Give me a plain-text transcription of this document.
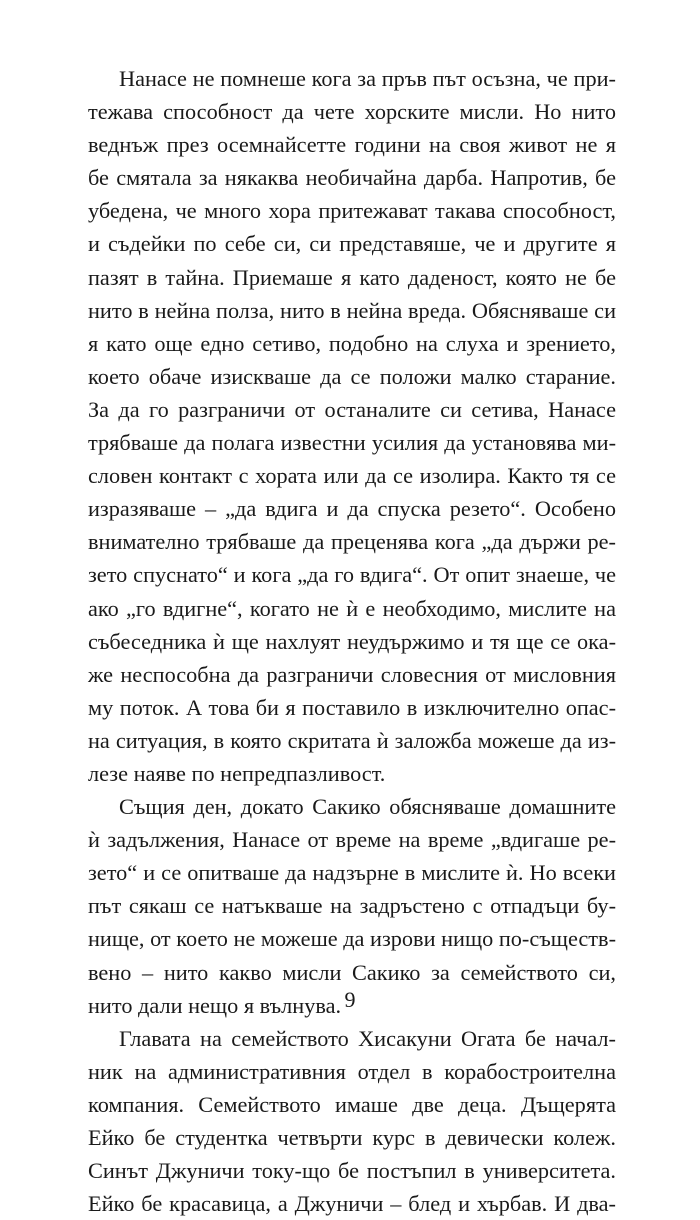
Нанасе не помнеше кога за пръв път осъзна, че при-
тежава способност да чете хорските мисли. Но нито
веднъж през осемнайсетте години на своя живот не я
бе смятала за някаква необичайна дарба. Напротив, бе
убедена, че много хора притежават такава способност,
и съдейки по себе си, си представяше, че и другите я
пазят в тайна. Приемаше я като даденост, която не бе
нито в нейна полза, нито в нейна вреда. Обясняваше си
я като още едно сетиво, подобно на слуха и зрението,
което обаче изискваше да се положи малко старание.
За да го разграничи от останалите си сетива, Нанасе
трябваше да полага известни усилия да установява ми-
словен контакт с хората или да се изолира. Както тя се
изразяваше – „да вдига и да спуска резето“. Особено
внимателно трябваше да преценява кога „да държи ре-
зето спуснато“ и кога „да го вдига“. От опит знаеше, че
ако „го вдигне“, когато не ѝ е необходимо, мислите на
събеседника ѝ ще нахлуят неудържимо и тя ще се ока-
же неспособна да разграничи словесния от мисловния
му поток. А това би я поставило в изключително опас-
на ситуация, в която скритата ѝ заложба можеше да из-
лезе наяве по непредпазливост.
Същия ден, докато Сакико обясняваше домашните
ѝ задължения, Нанасе от време на време „вдигаше ре-
зето“ и се опитваше да надзърне в мислите ѝ. Но всеки
път сякаш се натъкваше на задръстено с отпадъци бу-
нище, от което не можеше да изрови нищо по-съществ-
вено – нито какво мисли Сакико за семейството си,
нито дали нещо я вълнува.
Главата на семейството Хисакуни Огата бе начал-
ник на административния отдел в корабостроителна
компания. Семейството имаше две деца. Дъщерята
Ейко бе студентка четвърти курс в девически колеж.
Синът Джуничи току-що бе постъпил в университета.
Ейко бе красавица, а Джуничи – блед и хърбав. И два-
9
